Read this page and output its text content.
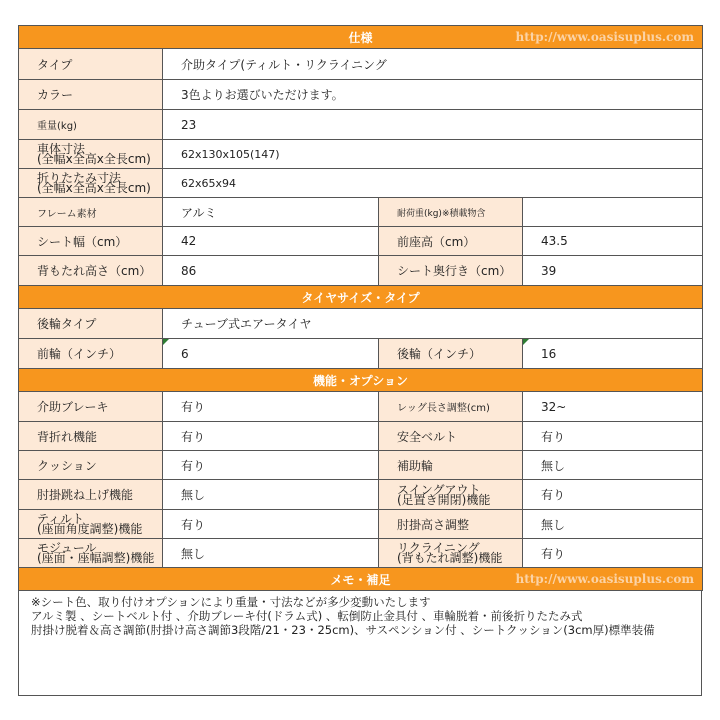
仕様 http://www.oasisuplus.com			

タイプ	介助タイプ(ティルト・リクライニング		
カラー	3色よりお選びいただけます。		
重量(kg)	23		
車体寸法
(全幅x全高x全長cm)	62x130x105(147)		
折りたたみ寸法
(全幅x全高x全長cm)	62x65x94		
フレーム素材	アルミ	耐荷重(kg)※積載物含	
シート幅（cm）	42	前座高（cm）	43.5
背もたれ高さ（cm）	86	シート奥行き（cm）	39
タイヤサイズ・タイプ			
後輪タイプ	チューブ式エアータイヤ		
前輪（インチ）	6	後輪（インチ）	16
機能・オプション			
介助ブレーキ	有り	レッグ長さ調整(cm)	32~
背折れ機能	有り	安全ベルト	有り
クッション	有り	補助輪	無し
肘掛跳ね上げ機能	無し	スイングアウト
(足置き開閉)機能	有り
ティルト
(座面角度調整)機能	有り	肘掛高さ調整	無し
モジュール
(座面・座幅調整)機能	無し	リクライニング
(背もたれ調整)機能	有り
メモ・補足 http://www.oasisuplus.com			
※シート色、取り付けオプションにより重量・寸法などが多少変動いたします
アルミ製 、シートベルト付 、介助ブレーキ付(ドラム式) 、転倒防止金具付 、車輪脱着・前後折りたたみ式
肘掛け脱着＆高さ調節(肘掛け高さ調節3段階/21・23・25cm)、サスペンション付 、シートクッション(3cm厚)標準装備
